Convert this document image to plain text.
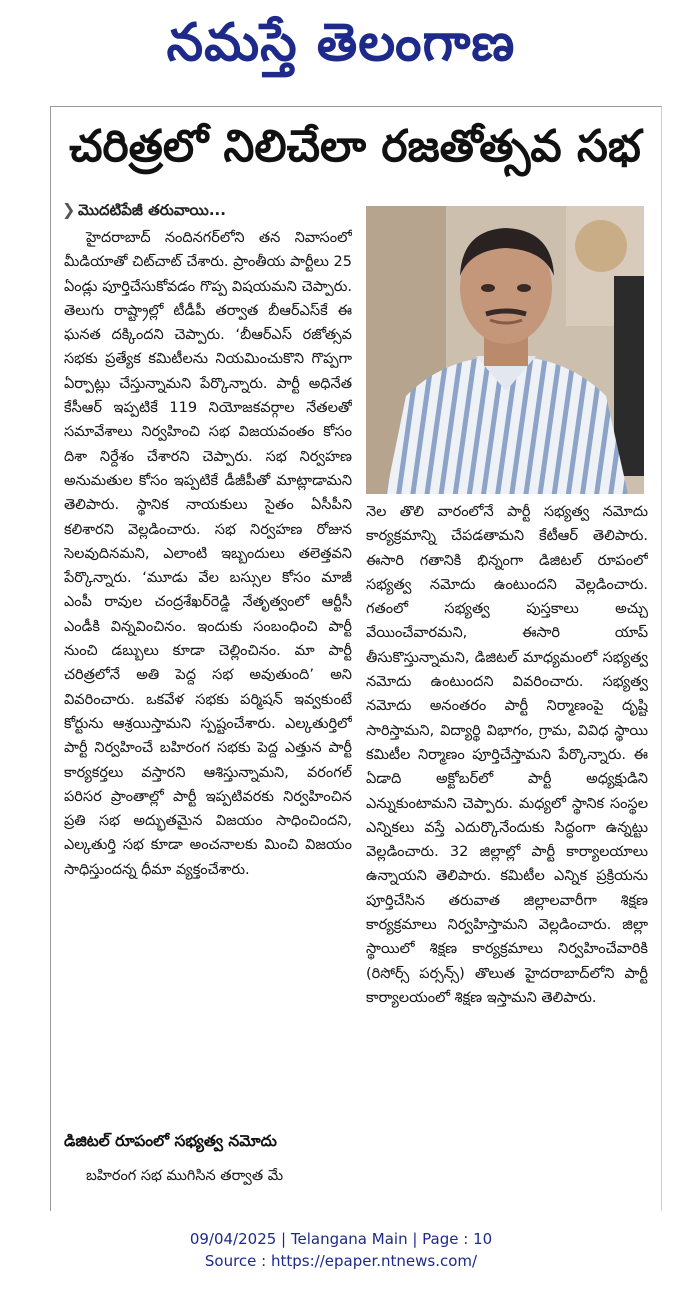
నమస్తే తెలంగాణ
చరిత్రలో నిలిచేలా రజతోత్సవ సభ
❯ మొదటిపేజీ తరువాయి...

హైదరాబాద్ నందినగర్‌లోని తన నివాసంలో మీడియాతో చిట్‌చాట్ చేశారు. ప్రాంతీయ పార్టీలు 25 ఏండ్లు పూర్తిచేసుకోవడం గొప్ప విషయమని చెప్పారు. తెలుగు రాష్ట్రాల్లో టీడీపీ తర్వాత బీఆర్‌ఎస్‌కే ఈ ఘనత దక్కిందని చెప్పారు. ‘బీఆర్‌ఎస్ రజోత్సవ సభకు ప్రత్యేక కమిటీలను నియమించుకొని గొప్పగా ఏర్పాట్లు చేస్తున్నామని పేర్కొన్నారు. పార్టీ అధినేత కేసీఆర్ ఇప్పటికే 119 నియోజకవర్గాల నేతలతో సమావేశాలు నిర్వహించి సభ విజయవంతం కోసం దిశా నిర్దేశం చేశారని చెప్పారు. సభ నిర్వహణ అనుమతుల కోసం ఇప్పటికే డీజీపీతో మాట్లాడామని తెలిపారు. స్థానిక నాయకులు సైతం ఏసీపీని కలిశారని వెల్లడించారు. సభ నిర్వహణ రోజున సెలవుదినమని, ఎలాంటి ఇబ్బందులు తలెత్తవని పేర్కొన్నారు. ‘మూడు వేల బస్సుల కోసం మాజీ ఎంపీ రావుల చంద్రశేఖర్‌రెడ్డి నేతృత్వంలో ఆర్టీసీ ఎండీకి విన్నవించినం. ఇందుకు సంబంధించి పార్టీ నుంచి డబ్బులు కూడా చెల్లించినం. మా పార్టీ చరిత్రలోనే అతి పెద్ద సభ అవుతుంది’ అని వివరించారు. ఒకవేళ సభకు పర్మిషన్ ఇవ్వకుంటే కోర్టును ఆశ్రయిస్తామని స్పష్టంచేశారు. ఎల్కతుర్తిలో పార్టీ నిర్వహించే బహిరంగ సభకు పెద్ద ఎత్తున పార్టీ కార్యకర్తలు వస్తారని ఆశిస్తున్నామని, వరంగల్ పరిసర ప్రాంతాల్లో పార్టీ ఇప్పటివరకు నిర్వహించిన ప్రతి సభ అద్భుతమైన విజయం సాధించిందని, ఎల్కతుర్తి సభ కూడా అంచనాలకు మించి విజయం సాధిస్తుందన్న ధీమా వ్యక్తంచేశారు.

డిజిటల్ రూపంలో సభ్యత్వ నమోదు
బహిరంగ సభ ముగిసిన తర్వాత మే

నెల తొలి వారంలోనే పార్టీ సభ్యత్వ నమోదు కార్యక్రమాన్ని చేపడతామని కేటీఆర్ తెలిపారు. ఈసారి గతానికి భిన్నంగా డిజిటల్ రూపంలో సభ్యత్వ నమోదు ఉంటుందని వెల్లడించారు. గతంలో సభ్యత్వ పుస్తకాలు అచ్చు వేయించేవారమని, ఈసారి యాప్ తీసుకొస్తున్నామని, డిజిటల్ మాధ్యమంలో సభ్యత్వ నమోదు ఉంటుందని వివరించారు. సభ్యత్వ నమోదు అనంతరం పార్టీ నిర్మాణంపై దృష్టి సారిస్తామని, విద్యార్థి విభాగం, గ్రామ, వివిధ స్థాయి కమిటీల నిర్మాణం పూర్తిచేస్తామని పేర్కొన్నారు. ఈ ఏడాది అక్టోబర్‌లో పార్టీ అధ్యక్షుడిని ఎన్నుకుంటామని చెప్పారు. మధ్యలో స్థానిక సంస్థల ఎన్నికలు వస్తే ఎదుర్కొనేందుకు సిద్ధంగా ఉన్నట్టు వెల్లడించారు. 32 జిల్లాల్లో పార్టీ కార్యాలయాలు ఉన్నాయని తెలిపారు. కమిటీల ఎన్నిక ప్రక్రియను పూర్తిచేసిన తరువాత జిల్లాలవారీగా శిక్షణ కార్యక్రమాలు నిర్వహిస్తామని వెల్లడించారు. జిల్లా స్థాయిలో శిక్షణ కార్యక్రమాలు నిర్వహించేవారికి (రిసోర్స్ పర్సన్స్) తొలుత హైదరాబాద్‌లోని పార్టీ కార్యాలయంలో శిక్షణ ఇస్తామని తెలిపారు.

09/04/2025 | Telangana Main | Page : 10
Source : https://epaper.ntnews.com/
